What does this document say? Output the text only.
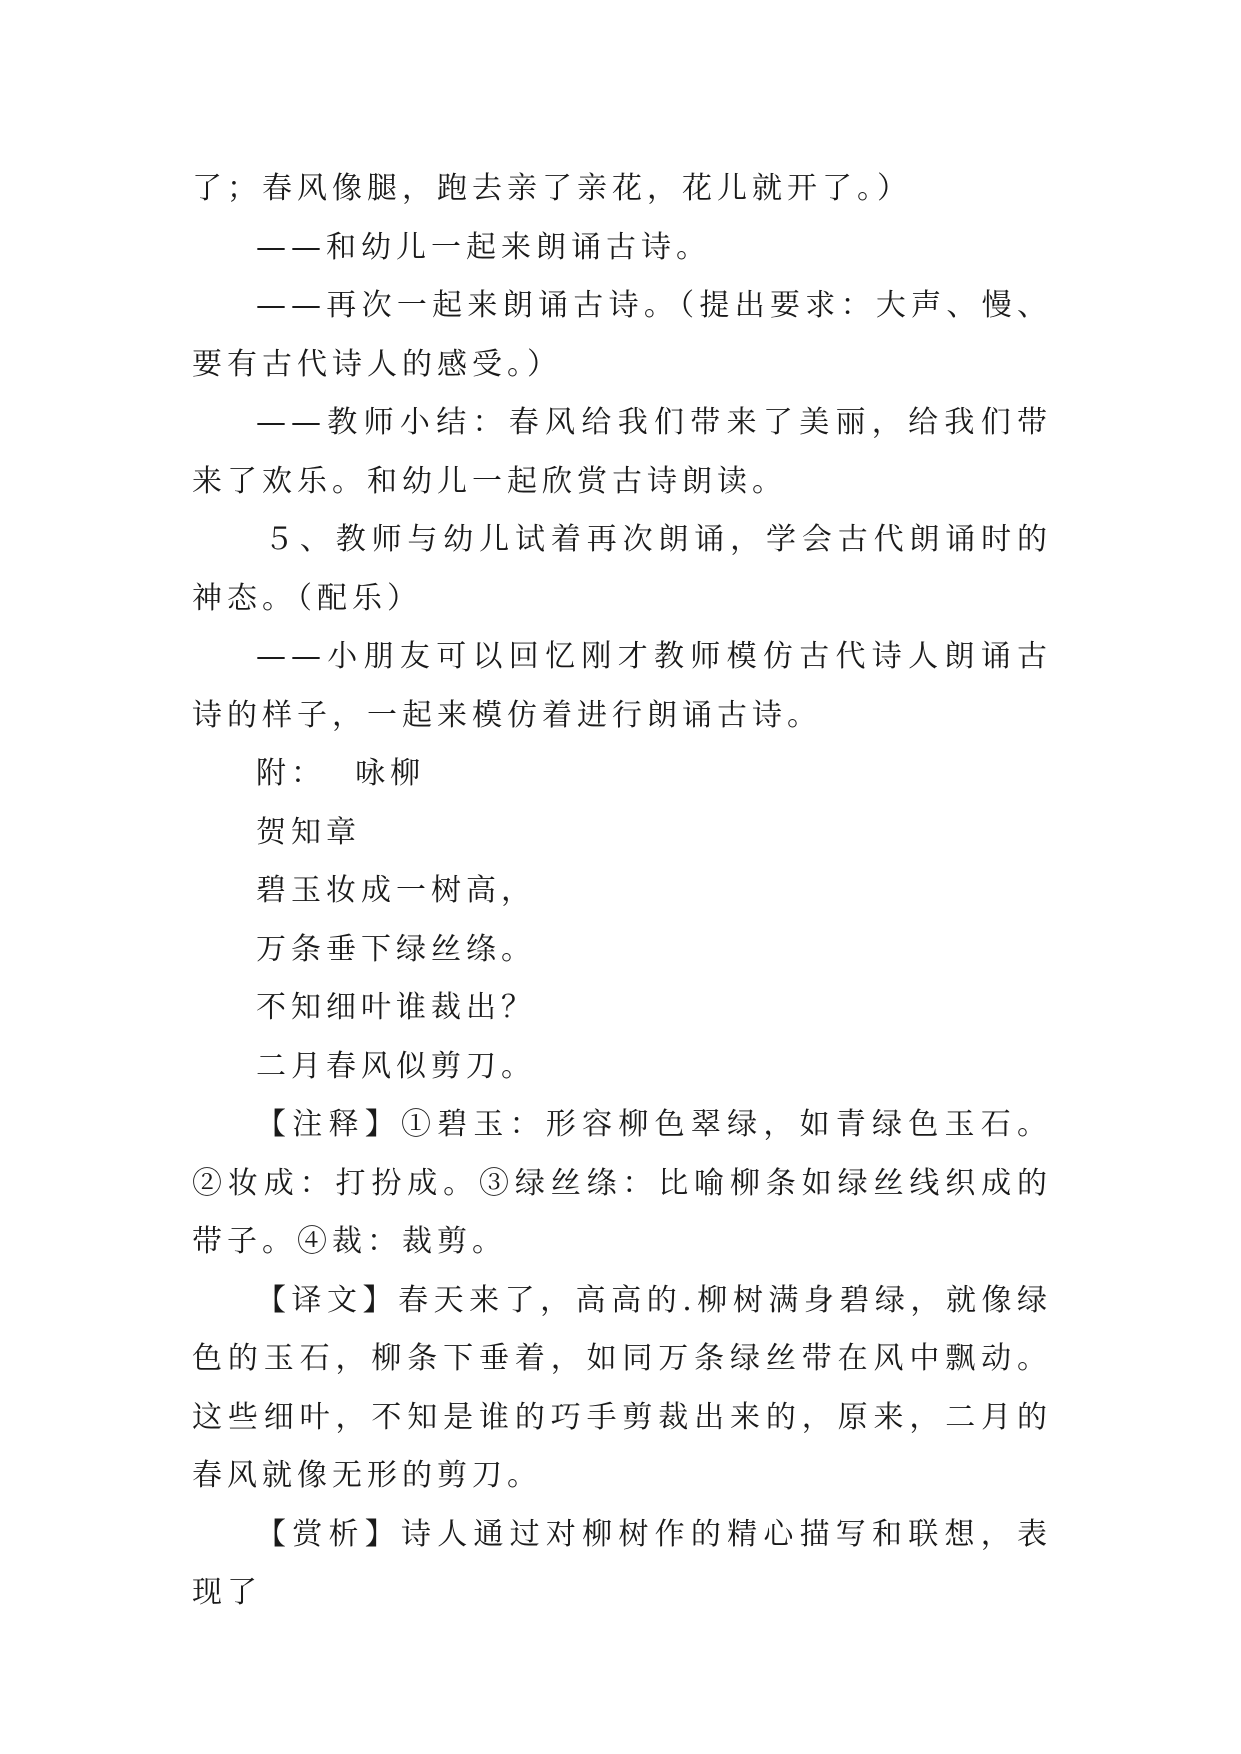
了；春风像腿，跑去亲了亲花，花儿就开了。）

——和幼儿一起来朗诵古诗。

——再次一起来朗诵古诗。（提出要求：大声、慢、要有古代诗人的感受。）

——教师小结：春风给我们带来了美丽，给我们带来了欢乐。和幼儿一起欣赏古诗朗读。

５、教师与幼儿试着再次朗诵，学会古代朗诵时的神态。（配乐）

——小朋友可以回忆刚才教师模仿古代诗人朗诵古诗的样子，一起来模仿着进行朗诵古诗。

附：  咏柳

贺知章

碧玉妆成一树高，

万条垂下绿丝绦。

不知细叶谁裁出？

二月春风似剪刀。

【注释】①碧玉：形容柳色翠绿，如青绿色玉石。②妆成：打扮成。③绿丝绦：比喻柳条如绿丝线织成的带子。④裁：裁剪。

【译文】春天来了，高高的.柳树满身碧绿，就像绿色的玉石，柳条下垂着，如同万条绿丝带在风中飘动。这些细叶，不知是谁的巧手剪裁出来的，原来，二月的春风就像无形的剪刀。

【赏析】诗人通过对柳树作的精心描写和联想，表现了
